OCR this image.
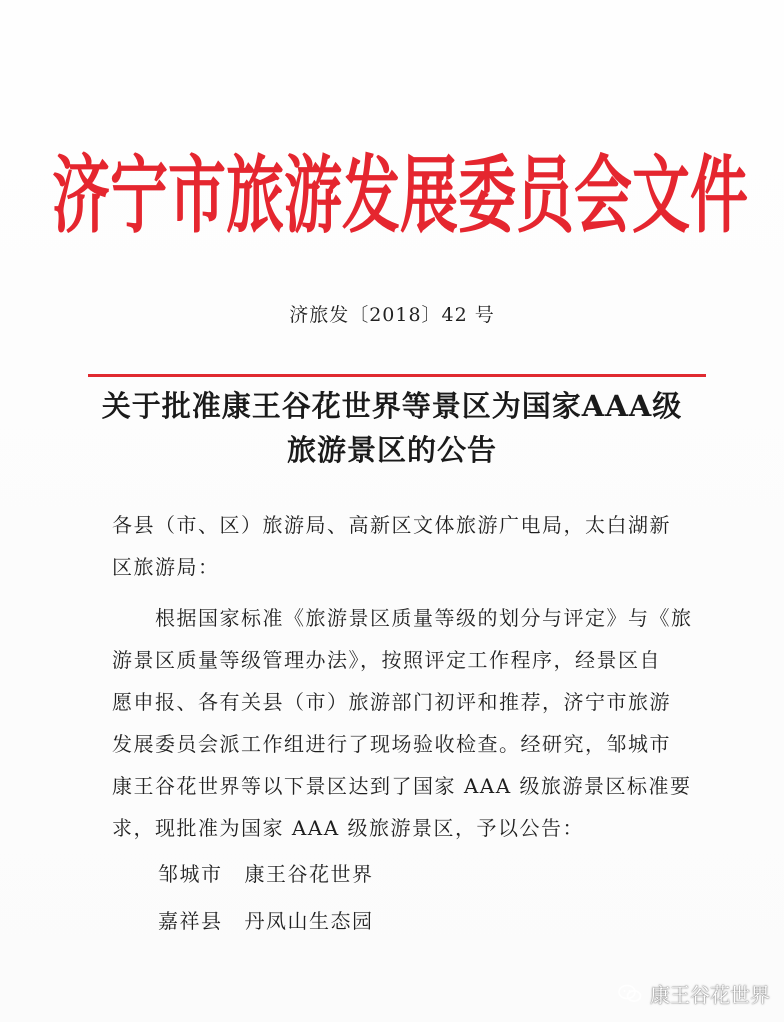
济宁市旅游发展委员会文件
济旅发〔2018〕42 号
关于批准康王谷花世界等景区为国家AAA级
旅游景区的公告
各县（市、区）旅游局、高新区文体旅游广电局，太白湖新
区旅游局：
　　根据国家标准《旅游景区质量等级的划分与评定》与《旅
游景区质量等级管理办法》，按照评定工作程序，经景区自
愿申报、各有关县（市）旅游部门初评和推荐，济宁市旅游
发展委员会派工作组进行了现场验收检查。经研究，邹城市
康王谷花世界等以下景区达到了国家 AAA 级旅游景区标准要
求，现批准为国家 AAA 级旅游景区，予以公告：
邹城市 康王谷花世界
嘉祥县 丹凤山生态园
康王谷花世界
